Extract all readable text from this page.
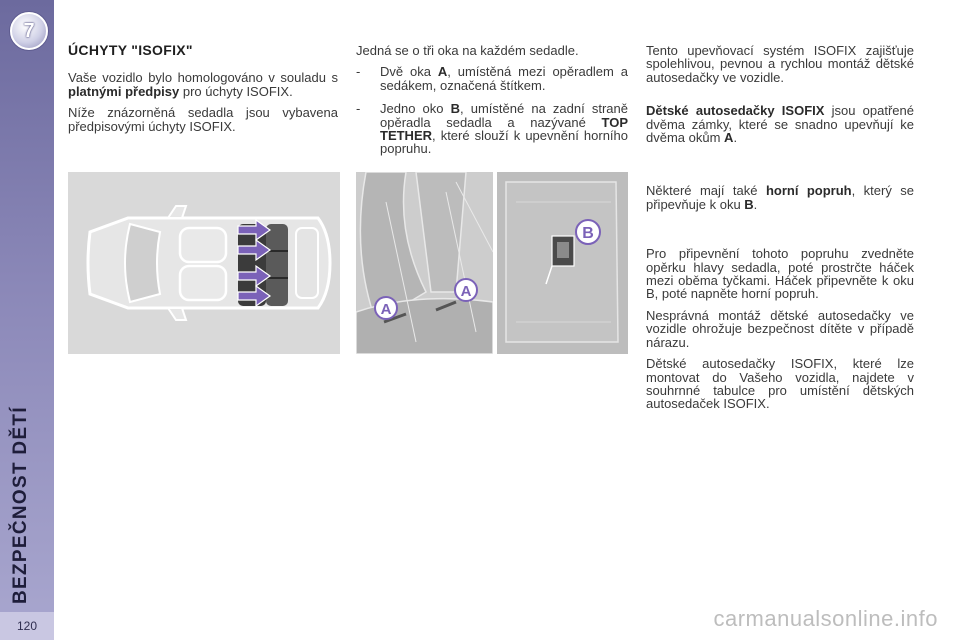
7
BEZPEČNOST DĚTÍ
120
ÚCHYTY "ISOFIX"

Vaše vozidlo bylo homologováno v souladu s platnými předpisy pro úchyty ISOFIX.

Níže znázorněná sedadla jsou vybavena předpisovými úchyty ISOFIX.

Jedná se o tři oka na každém sedadle.

-	Dvě oka A, umístěná mezi opěradlem a sedákem, označená štítkem.
-	Jedno oko B, umístěné na zadní straně opěradla sedadla a nazývané TOP TETHER, které slouží k upevnění horního popruhu.
B
A
A

Tento upevňovací systém ISOFIX zajišťuje spolehlivou, pevnou a rychlou montáž dětské autosedačky ve vozidle.

Dětské autosedačky ISOFIX jsou opatřené dvěma zámky, které se snadno upevňují ke dvěma okům A.

Některé mají také horní popruh, který se připevňuje k oku B.

Pro připevnění tohoto popruhu zvedněte opěrku hlavy sedadla, poté prostrčte háček mezi oběma tyčkami. Háček připevněte k oku B, poté napněte horní popruh.

Nesprávná montáž dětské autosedačky ve vozidle ohrožuje bezpečnost dítěte v případě nárazu.

Dětské autosedačky ISOFIX, které lze montovat do Vašeho vozidla, najdete v souhrnné tabulce pro umístění dětských autosedaček ISOFIX.

carmanualsonline.info
